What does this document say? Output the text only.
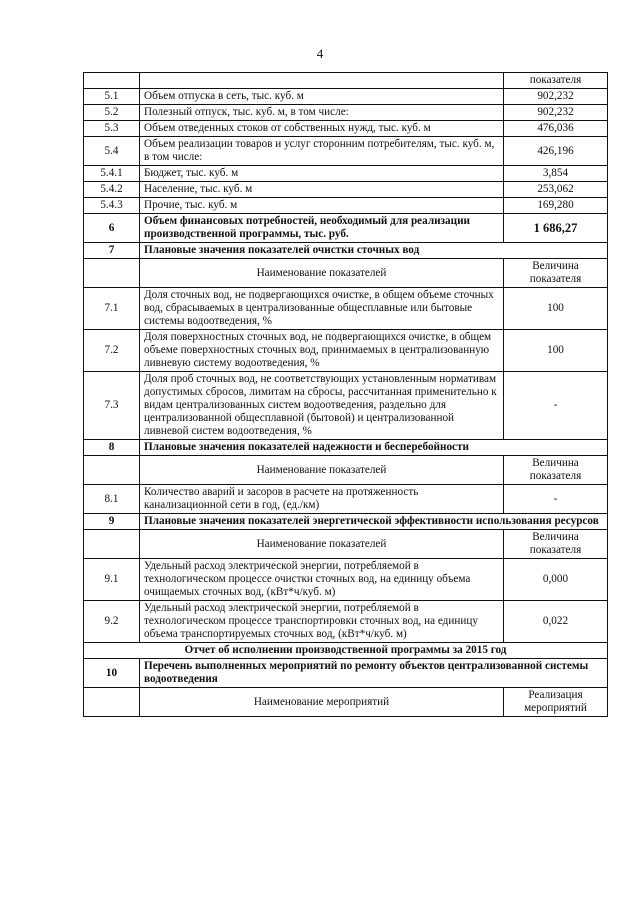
4
		показателя
5.1	Объем отпуска в сеть, тыс. куб. м	902,232
5.2	Полезный отпуск, тыс. куб. м, в том числе:	902,232
5.3	Объем отведенных стоков от собственных нужд, тыс. куб. м	476,036
5.4	Объем реализации товаров и услуг сторонним потребителям, тыс. куб. м, в том числе:	426,196
5.4.1	Бюджет, тыс. куб. м	3,854
5.4.2	Население, тыс. куб. м	253,062
5.4.3	Прочие, тыс. куб. м	169,280
6	Объем финансовых потребностей, необходимый для реализации производственной программы, тыс. руб.	1 686,27
7	Плановые значения показателей очистки сточных вод	
	Наименование показателей	Величина показателя
7.1	Доля сточных вод, не подвергающихся очистке, в общем объеме сточных вод, сбрасываемых в централизованные общесплавные или бытовые системы водоотведения, %	100
7.2	Доля поверхностных сточных вод, не подвергающихся очистке, в общем объеме поверхностных сточных вод, принимаемых в централизованную ливневую систему водоотведения, %	100
7.3	Доля проб сточных вод, не соответствующих установленным нормативам допустимых сбросов, лимитам на сбросы, рассчитанная применительно к видам централизованных систем водоотведения, раздельно для централизованной общесплавной (бытовой) и централизованной ливневой систем водоотведения, %	-
8	Плановые значения показателей надежности и бесперебойности	
	Наименование показателей	Величина показателя
8.1	Количество аварий и засоров в расчете на протяженность канализационной сети в год, (ед./км)	-
9	Плановые значения показателей энергетической эффективности использования ресурсов	
	Наименование показателей	Величина показателя
9.1	Удельный расход электрической энергии, потребляемой в технологическом процессе очистки сточных вод, на единицу объема очищаемых сточных вод, (кВт*ч/куб. м)	0,000
9.2	Удельный расход электрической энергии, потребляемой в технологическом процессе транспортировки сточных вод, на единицу объема транспортируемых сточных вод, (кВт*ч/куб. м)	0,022
Отчет об исполнении производственной программы за 2015 год		
10	Перечень выполненных мероприятий по ремонту объектов централизованной системы водоотведения	
	Наименование мероприятий	Реализация мероприятий
